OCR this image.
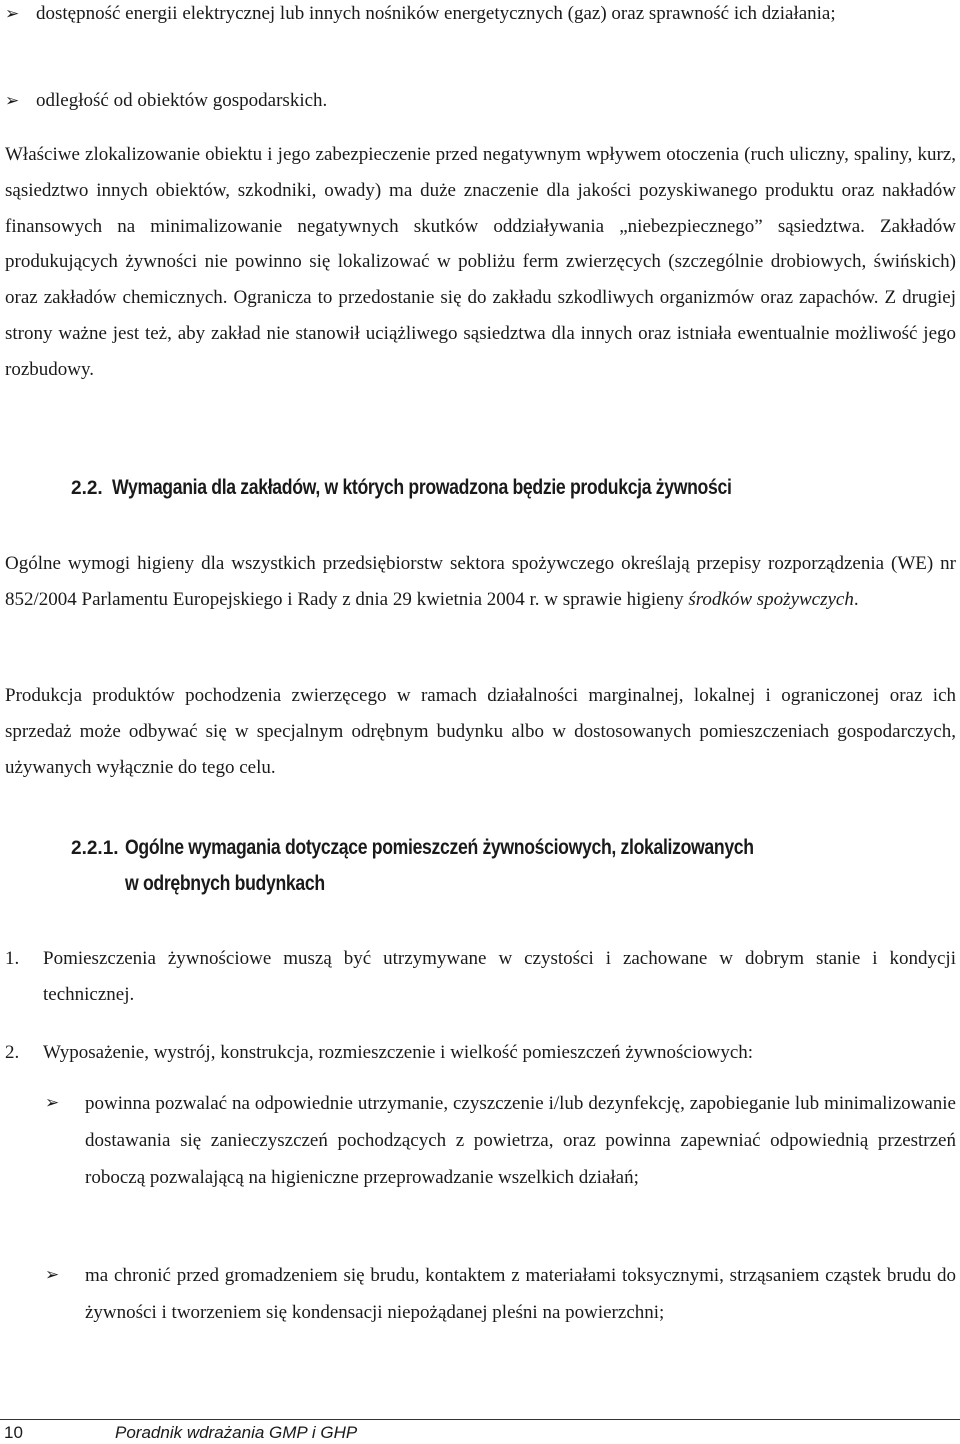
➢ dostępność energii elektrycznej lub innych nośników energetycznych (gaz) oraz sprawność ich działania;
➢ odległość od obiektów gospodarskich.
Właściwe zlokalizowanie obiektu i jego zabezpieczenie przed negatywnym wpływem otoczenia (ruch uliczny, spaliny, kurz, sąsiedztwo innych obiektów, szkodniki, owady) ma duże znaczenie dla jakości pozyskiwanego produktu oraz nakładów finansowych na minimalizowanie negatywnych skutków oddziaływania „niebezpiecznego” sąsiedztwa. Zakładów produkujących żywności nie powinno się lokalizować w pobliżu ferm zwierzęcych (szczególnie drobiowych, świńskich) oraz zakładów chemicznych. Ogranicza to przedostanie się do zakładu szkodliwych organizmów oraz zapachów. Z drugiej strony ważne jest też, aby zakład nie stanowił uciążliwego sąsiedztwa dla innych oraz istniała ewentualnie możliwość jego rozbudowy.
2.2. Wymagania dla zakładów, w których prowadzona będzie produkcja żywności
Ogólne wymogi higieny dla wszystkich przedsiębiorstw sektora spożywczego określają przepisy rozporządzenia (WE) nr 852/2004 Parlamentu Europejskiego i Rady z dnia 29 kwietnia 2004 r. w sprawie higieny środków spożywczych.
Produkcja produktów pochodzenia zwierzęcego w ramach działalności marginalnej, lokalnej i ograniczonej oraz ich sprzedaż może odbywać się w specjalnym odrębnym budynku albo w dostosowanych pomieszczeniach gospodarczych, używanych wyłącznie do tego celu.
2.2.1. Ogólne wymagania dotyczące pomieszczeń żywnościowych, zlokalizowanych
w odrębnych budynkach
1. Pomieszczenia żywnościowe muszą być utrzymywane w czystości i zachowane w dobrym stanie i kondycji technicznej.
2. Wyposażenie, wystrój, konstrukcja, rozmieszczenie i wielkość pomieszczeń żywnościowych:
➢ powinna pozwalać na odpowiednie utrzymanie, czyszczenie i/lub dezynfekcję, zapobieganie lub minimalizowanie dostawania się zanieczyszczeń pochodzących z powietrza, oraz powinna zapewniać odpowiednią przestrzeń roboczą pozwalającą na higieniczne przeprowadzanie wszelkich działań;
➢ ma chronić przed gromadzeniem się brudu, kontaktem z materiałami toksycznymi, strząsaniem cząstek brudu do żywności i tworzeniem się kondensacji niepożądanej pleśni na powierzchni;
10	Poradnik wdrażania GMP i GHP
